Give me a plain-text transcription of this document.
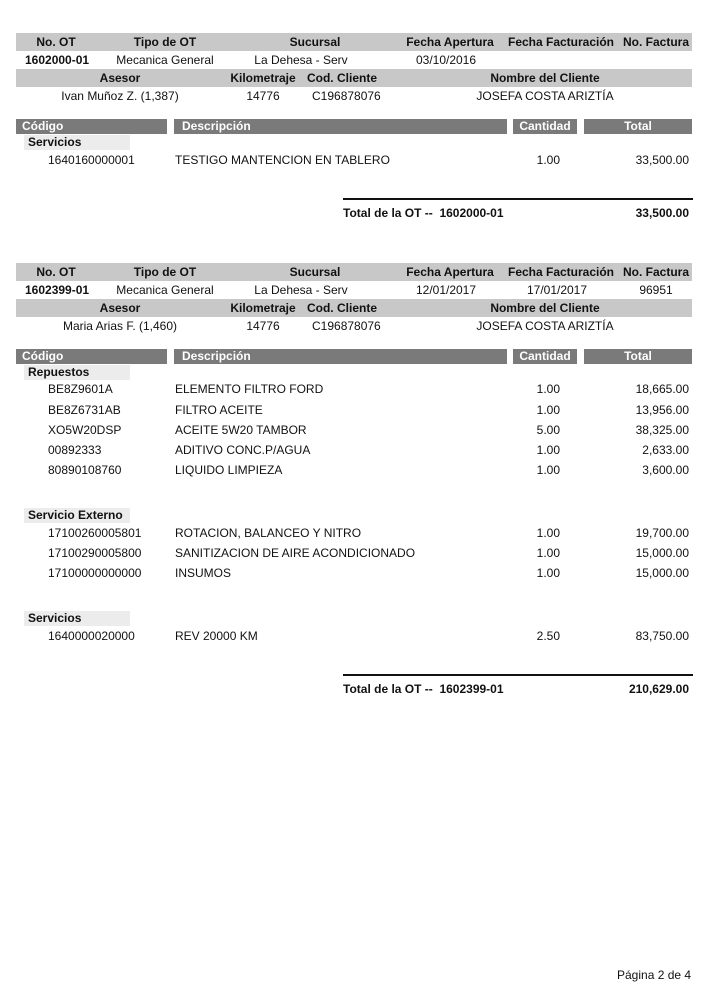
No. OT	Tipo de OT	Sucursal	Fecha Apertura	Fecha Facturación No. Factura
1602000-01	Mecanica General	La Dehesa - Serv	03/10/2016
Asesor	Kilometraje Cod. Cliente	Nombre del Cliente
Ivan Muñoz Z. (1,387)	14776	C196878076	JOSEFA COSTA ARIZTÍA
Código	Descripción	Cantidad	Total
Servicios
1640160000001	TESTIGO MANTENCION EN TABLERO	1.00	33,500.00
Total de la OT -- 1602000-01	33,500.00
No. OT	Tipo de OT	Sucursal	Fecha Apertura	Fecha Facturación No. Factura
1602399-01	Mecanica General	La Dehesa - Serv	12/01/2017	17/01/2017	96951
Asesor	Kilometraje Cod. Cliente	Nombre del Cliente
Maria Arias F. (1,460)	14776	C196878076	JOSEFA COSTA ARIZTÍA
Código	Descripción	Cantidad	Total
Repuestos
BE8Z9601A	ELEMENTO FILTRO FORD	1.00	18,665.00
BE8Z6731AB	FILTRO ACEITE	1.00	13,956.00
XO5W20DSP	ACEITE 5W20 TAMBOR	5.00	38,325.00
00892333	ADITIVO CONC.P/AGUA	1.00	2,633.00
80890108760	LIQUIDO LIMPIEZA	1.00	3,600.00
Servicio Externo
17100260005801	ROTACION, BALANCEO Y NITRO	1.00	19,700.00
17100290005800	SANITIZACION DE AIRE ACONDICIONADO	1.00	15,000.00
17100000000000	INSUMOS	1.00	15,000.00
Servicios
1640000020000	REV 20000 KM	2.50	83,750.00
Total de la OT -- 1602399-01	210,629.00
Página 2 de 4
